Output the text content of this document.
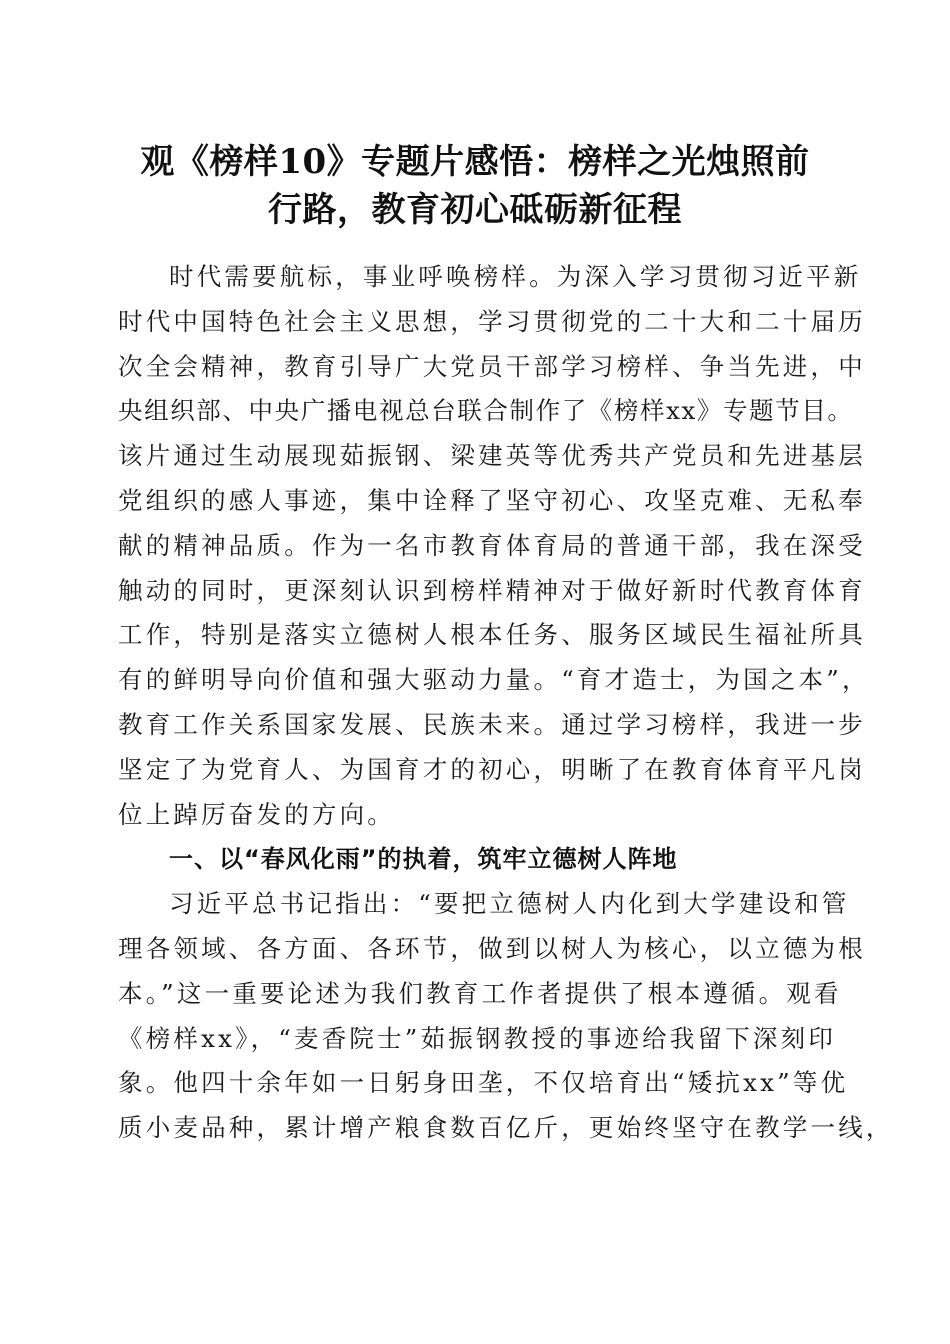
观《榜样10》专题片感悟：榜样之光烛照前
行路，教育初心砥砺新征程
时代需要航标，事业呼唤榜样。为深入学习贯彻习近平新
时代中国特色社会主义思想，学习贯彻党的二十大和二十届历
次全会精神，教育引导广大党员干部学习榜样、争当先进，中
央组织部、中央广播电视总台联合制作了《榜样xx》专题节目。
该片通过生动展现茹振钢、梁建英等优秀共产党员和先进基层
党组织的感人事迹，集中诠释了坚守初心、攻坚克难、无私奉
献的精神品质。作为一名市教育体育局的普通干部，我在深受
触动的同时，更深刻认识到榜样精神对于做好新时代教育体育
工作，特别是落实立德树人根本任务、服务区域民生福祉所具
有的鲜明导向价值和强大驱动力量。“育才造士，为国之本”，
教育工作关系国家发展、民族未来。通过学习榜样，我进一步
坚定了为党育人、为国育才的初心，明晰了在教育体育平凡岗
位上踔厉奋发的方向。
一、以“春风化雨”的执着，筑牢立德树人阵地
习近平总书记指出：“要把立德树人内化到大学建设和管
理各领域、各方面、各环节，做到以树人为核心，以立德为根
本。”这一重要论述为我们教育工作者提供了根本遵循。观看
《榜样xx》，“麦香院士”茹振钢教授的事迹给我留下深刻印
象。他四十余年如一日躬身田垄，不仅培育出“矮抗xx”等优
质小麦品种，累计增产粮食数百亿斤，更始终坚守在教学一线，
